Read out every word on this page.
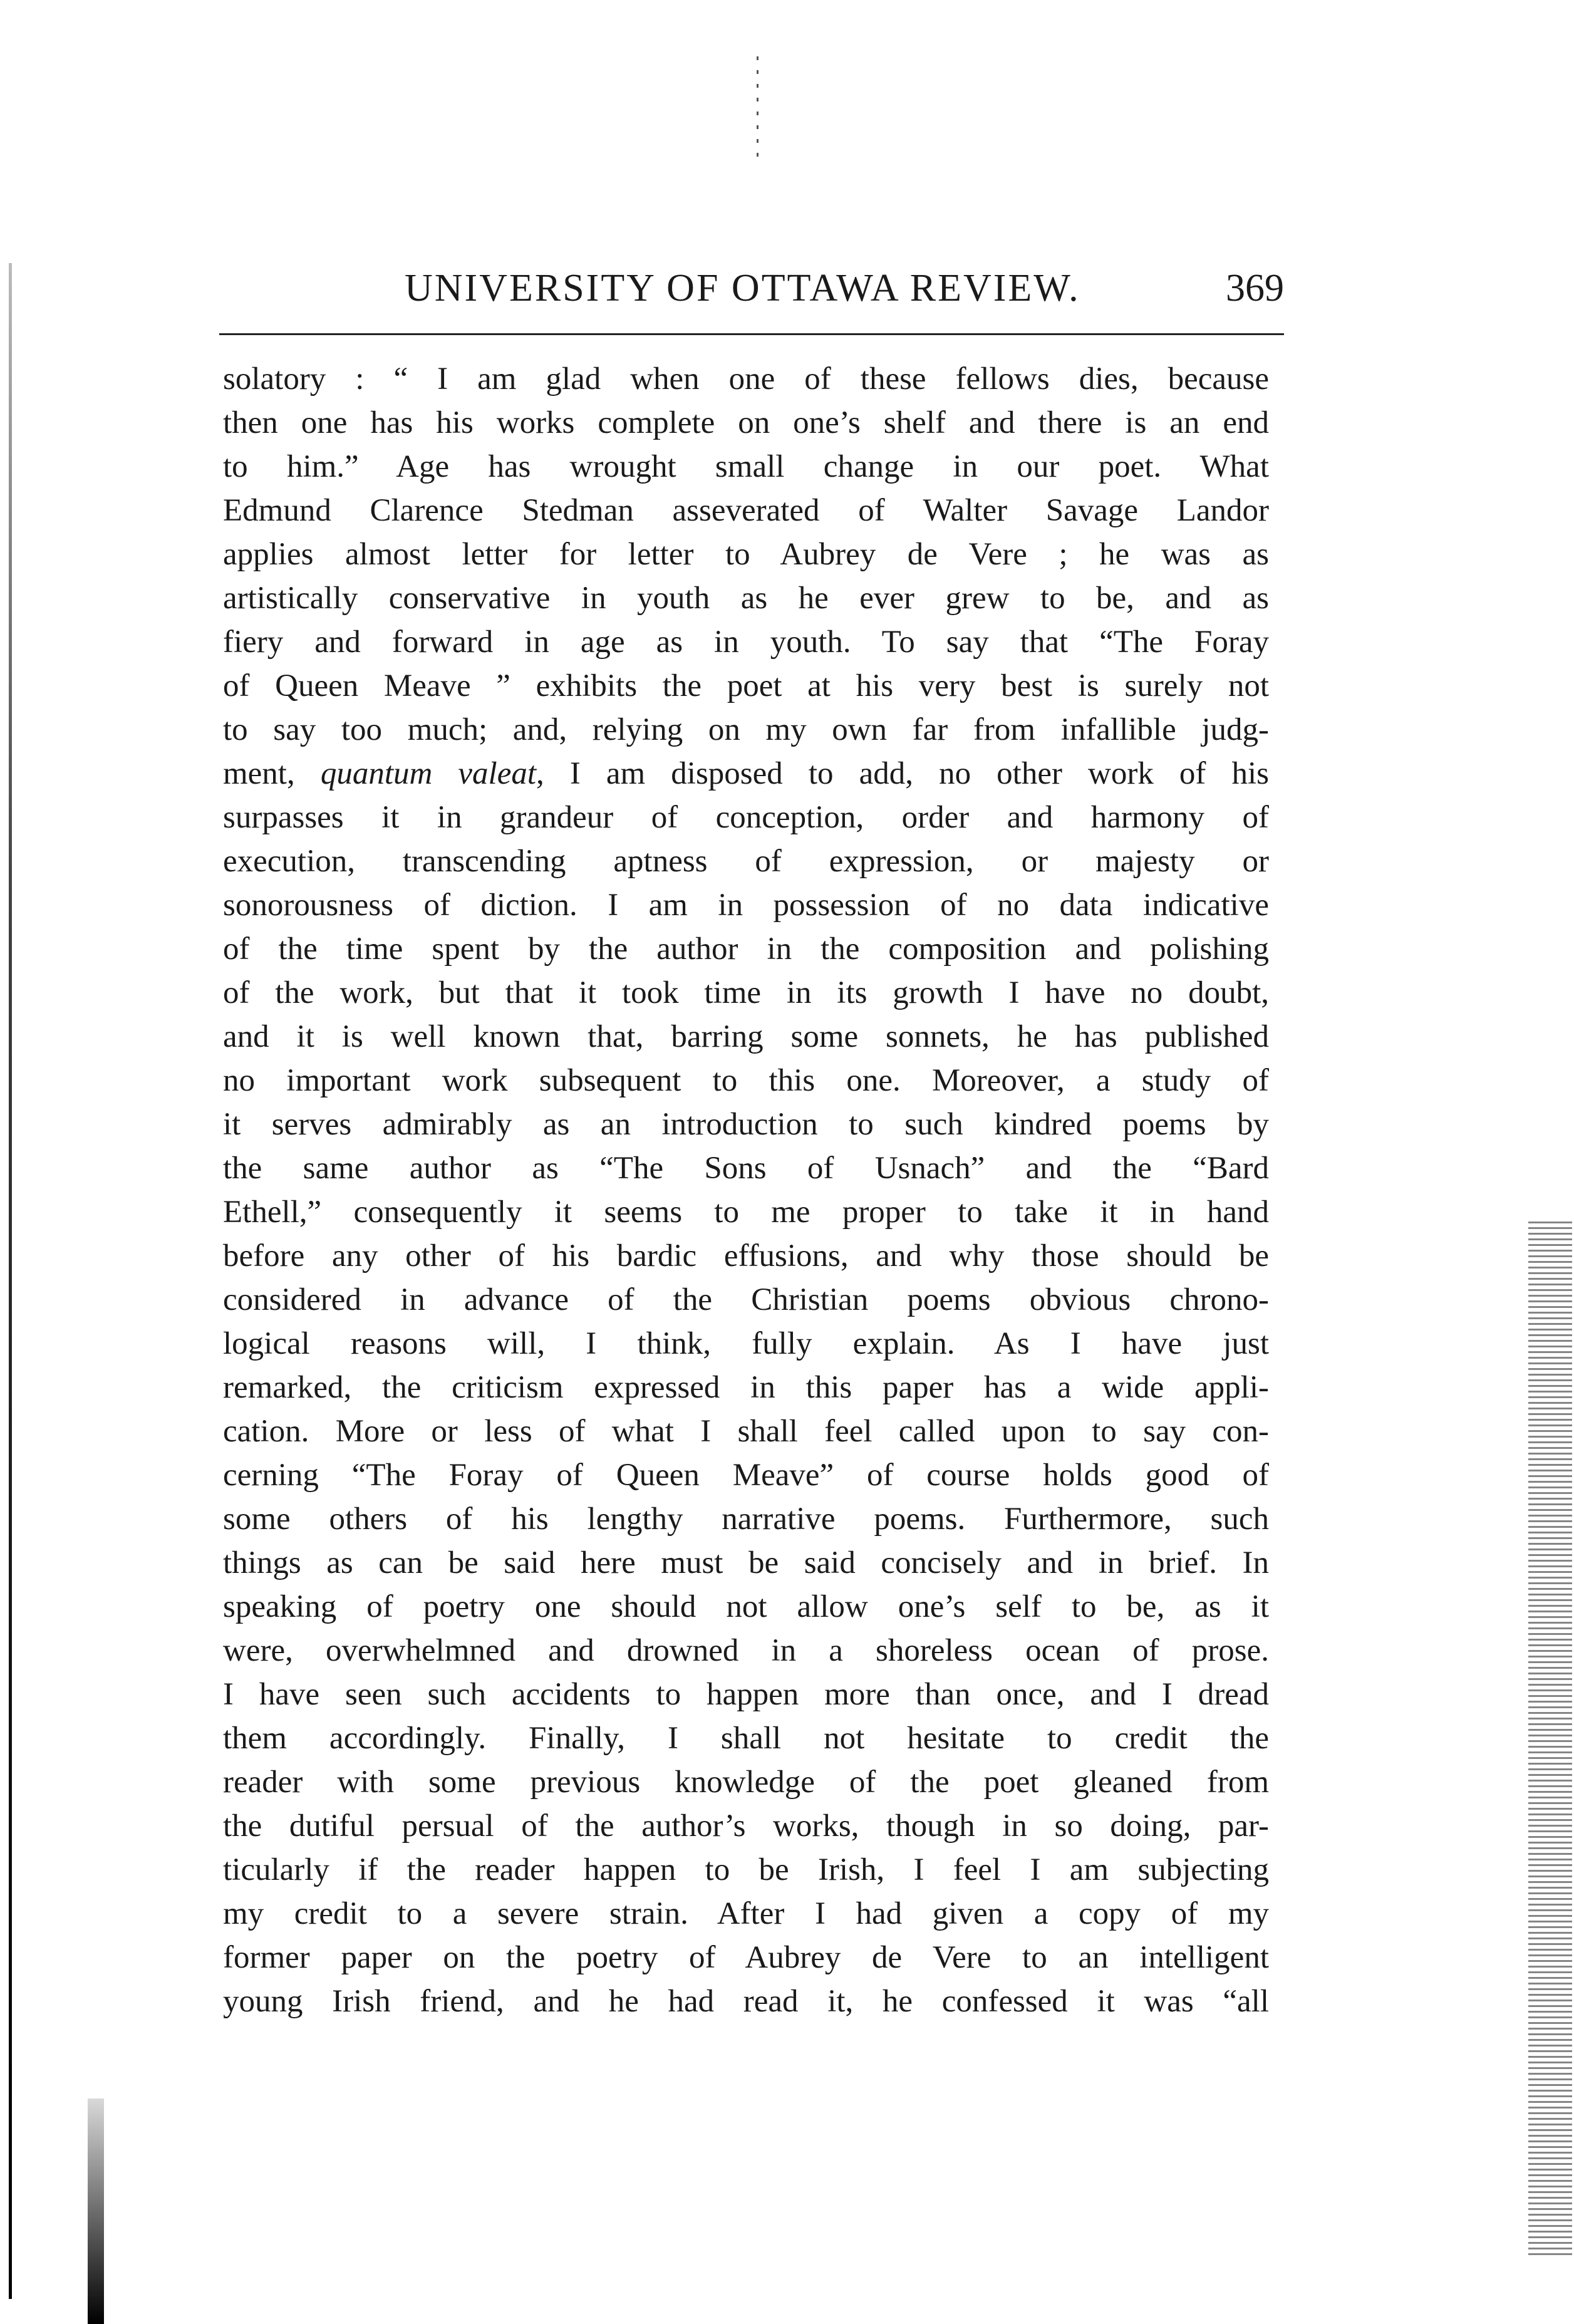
UNIVERSITY OF OTTAWA REVIEW.	369
solatory : “ I am glad when one of these fellows dies, because
then one has his works complete on one’s shelf and there is an end
to him.” Age has wrought small change in our poet. What
Edmund Clarence Stedman asseverated of Walter Savage Landor
applies almost letter for letter to Aubrey de Vere ; he was as
artistically conservative in youth as he ever grew to be, and as
fiery and forward in age as in youth. To say that “The Foray
of Queen Meave ” exhibits the poet at his very best is surely not
to say too much; and, relying on my own far from infallible judg-
ment, quantum valeat, I am disposed to add, no other work of his
surpasses it in grandeur of conception, order and harmony of
execution, transcending aptness of expression, or majesty or
sonorousness of diction. I am in possession of no data indicative
of the time spent by the author in the composition and polishing
of the work, but that it took time in its growth I have no doubt,
and it is well known that, barring some sonnets, he has published
no important work subsequent to this one. Moreover, a study of
it serves admirably as an introduction to such kindred poems by
the same author as “The Sons of Usnach” and the “Bard
Ethell,” consequently it seems to me proper to take it in hand
before any other of his bardic effusions, and why those should be
considered in advance of the Christian poems obvious chrono-
logical reasons will, I think, fully explain. As I have just
remarked, the criticism expressed in this paper has a wide appli-
cation. More or less of what I shall feel called upon to say con-
cerning “The Foray of Queen Meave” of course holds good of
some others of his lengthy narrative poems. Furthermore, such
things as can be said here must be said concisely and in brief. In
speaking of poetry one should not allow one’s self to be, as it
were, overwhelmned and drowned in a shoreless ocean of prose.
I have seen such accidents to happen more than once, and I dread
them accordingly. Finally, I shall not hesitate to credit the
reader with some previous knowledge of the poet gleaned from
the dutiful persual of the author’s works, though in so doing, par-
ticularly if the reader happen to be Irish, I feel I am subjecting
my credit to a severe strain. After I had given a copy of my
former paper on the poetry of Aubrey de Vere to an intelligent
young Irish friend, and he had read it, he confessed it was “all
